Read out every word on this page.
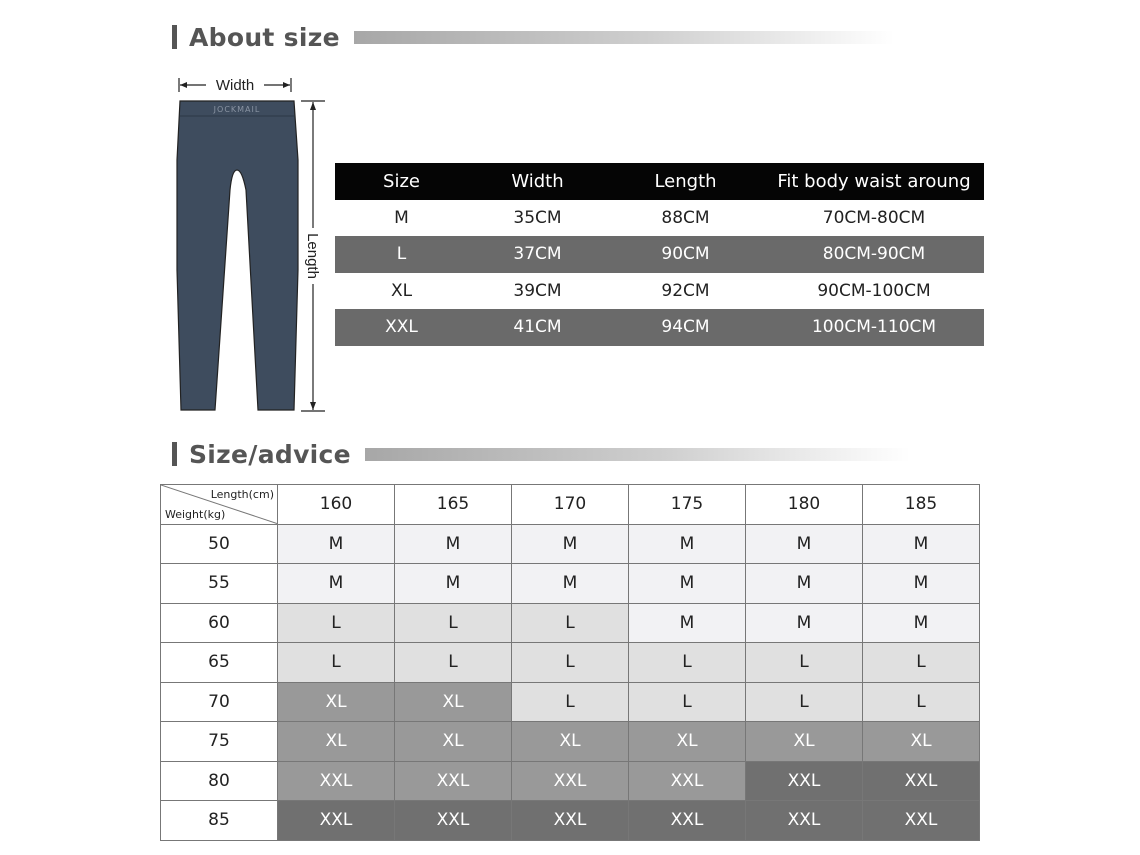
About size
Width
JOCKMAIL
Length
Size	Width	Length	Fit body waist aroung
M	35CM	88CM	70CM-80CM
L	37CM	90CM	80CM-90CM
XL	39CM	92CM	90CM-100CM
XXL	41CM	94CM	100CM-110CM
Size/advice
Length(cm)
Weight(kg)	160	165	170	175	180	185
50	M	M	M	M	M	M
55	M	M	M	M	M	M
60	L	L	L	M	M	M
65	L	L	L	L	L	L
70	XL	XL	L	L	L	L
75	XL	XL	XL	XL	XL	XL
80	XXL	XXL	XXL	XXL	XXL	XXL
85	XXL	XXL	XXL	XXL	XXL	XXL
